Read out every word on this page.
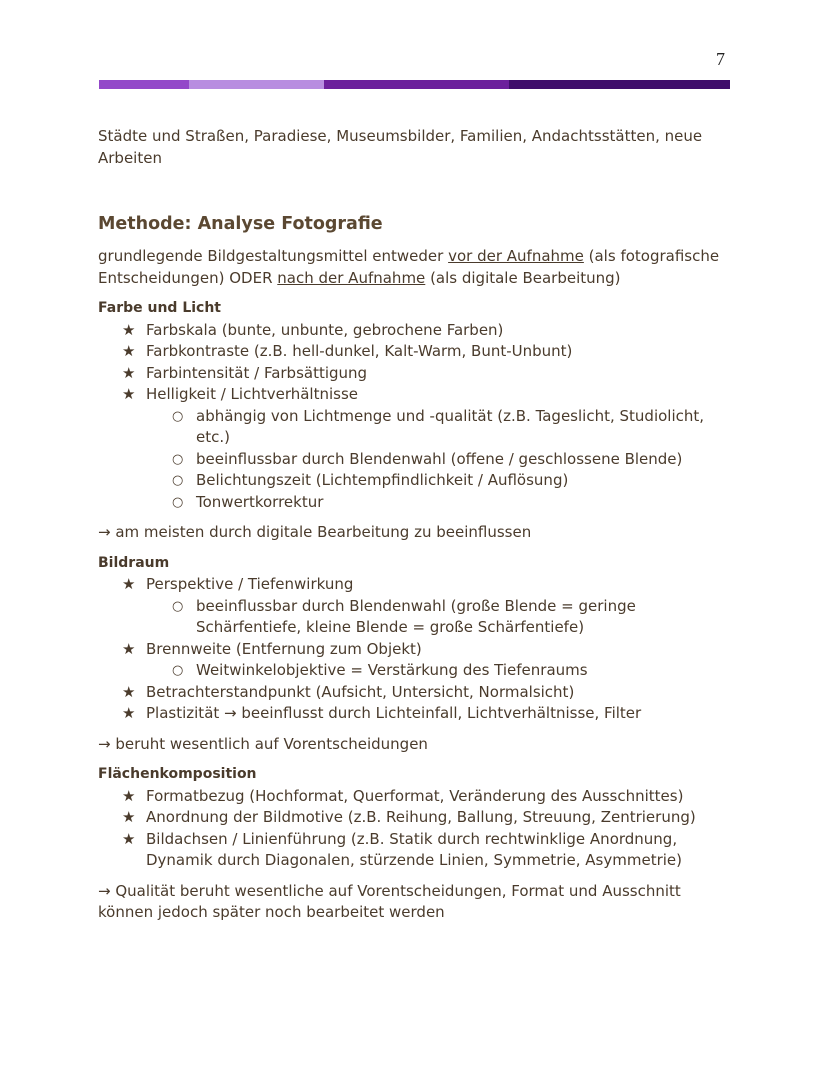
7

Städte und Straßen, Paradiese, Museumsbilder, Familien, Andachtsstätten, neue Arbeiten

Methode: Analyse Fotografie

grundlegende Bildgestaltungsmittel entweder vor der Aufnahme (als fotografische Entscheidungen) ODER nach der Aufnahme (als digitale Bearbeitung)

Farbe und Licht
★ Farbskala (bunte, unbunte, gebrochene Farben)
★ Farbkontraste (z.B. hell-dunkel, Kalt-Warm, Bunt-Unbunt)
★ Farbintensität / Farbsättigung
★ Helligkeit / Lichtverhältnisse
○ abhängig von Lichtmenge und -qualität (z.B. Tageslicht, Studiolicht, etc.)
○ beeinflussbar durch Blendenwahl (offene / geschlossene Blende)
○ Belichtungszeit (Lichtempfindlichkeit / Auflösung)
○ Tonwertkorrektur

→ am meisten durch digitale Bearbeitung zu beeinflussen

Bildraum
★ Perspektive / Tiefenwirkung
○ beeinflussbar durch Blendenwahl (große Blende = geringe Schärfentiefe, kleine Blende = große Schärfentiefe)
★ Brennweite (Entfernung zum Objekt)
○ Weitwinkelobjektive = Verstärkung des Tiefenraums
★ Betrachterstandpunkt (Aufsicht, Untersicht, Normalsicht)
★ Plastizität → beeinflusst durch Lichteinfall, Lichtverhältnisse, Filter

→ beruht wesentlich auf Vorentscheidungen

Flächenkomposition
★ Formatbezug (Hochformat, Querformat, Veränderung des Ausschnittes)
★ Anordnung der Bildmotive (z.B. Reihung, Ballung, Streuung, Zentrierung)
★ Bildachsen / Linienführung (z.B. Statik durch rechtwinklige Anordnung, Dynamik durch Diagonalen, stürzende Linien, Symmetrie, Asymmetrie)

→ Qualität beruht wesentliche auf Vorentscheidungen, Format und Ausschnitt können jedoch später noch bearbeitet werden
